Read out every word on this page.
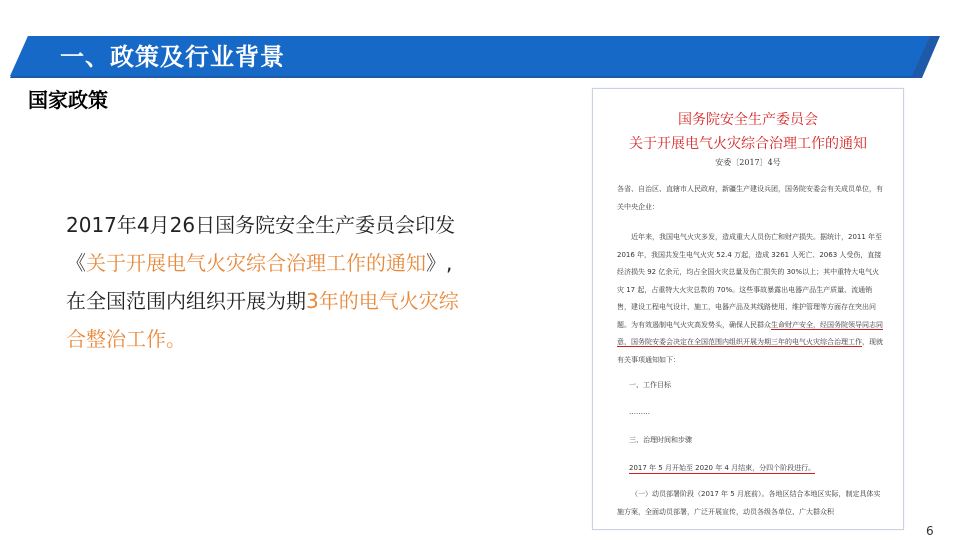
一、政策及行业背景
国家政策
2017年4月26日国务院安全生产委员会印发
《关于开展电气火灾综合治理工作的通知》,
在全国范围内组织开展为期3年的电气火灾综
合整治工作。
国务院安全生产委员会
关于开展电气火灾综合治理工作的通知
安委〔2017〕4号
各省、自治区、直辖市人民政府，新疆生产建设兵团，国务院安委会有关成员单位，有关中央企业：
近年来，我国电气火灾多发，造成重大人员伤亡和财产损失。据统计，2011 年至 2016 年，我国共发生电气火灾 52.4 万起，造成 3261 人死亡、2063 人受伤，直接经济损失 92 亿余元，均占全国火灾总量及伤亡损失的 30%以上；其中重特大电气火灾 17 起，占重特大火灾总数的 70%。这些事故暴露出电器产品生产质量、流通销售，建设工程电气设计、施工，电器产品及其线路使用、维护管理等方面存在突出问题。为有效遏制电气火灾高发势头，确保人民群众生命财产安全，经国务院领导同志同意，国务院安委会决定在全国范围内组织开展为期三年的电气火灾综合治理工作，现就有关事项通知如下：
一、工作目标
………
三、治理时间和步骤
2017 年 5 月开始至 2020 年 4 月结束，分四个阶段进行。
（一）动员部署阶段（2017 年 5 月底前）。各地区结合本地区实际，制定具体实施方案，全面动员部署，广泛开展宣传，动员各级各单位、广大群众积
6
